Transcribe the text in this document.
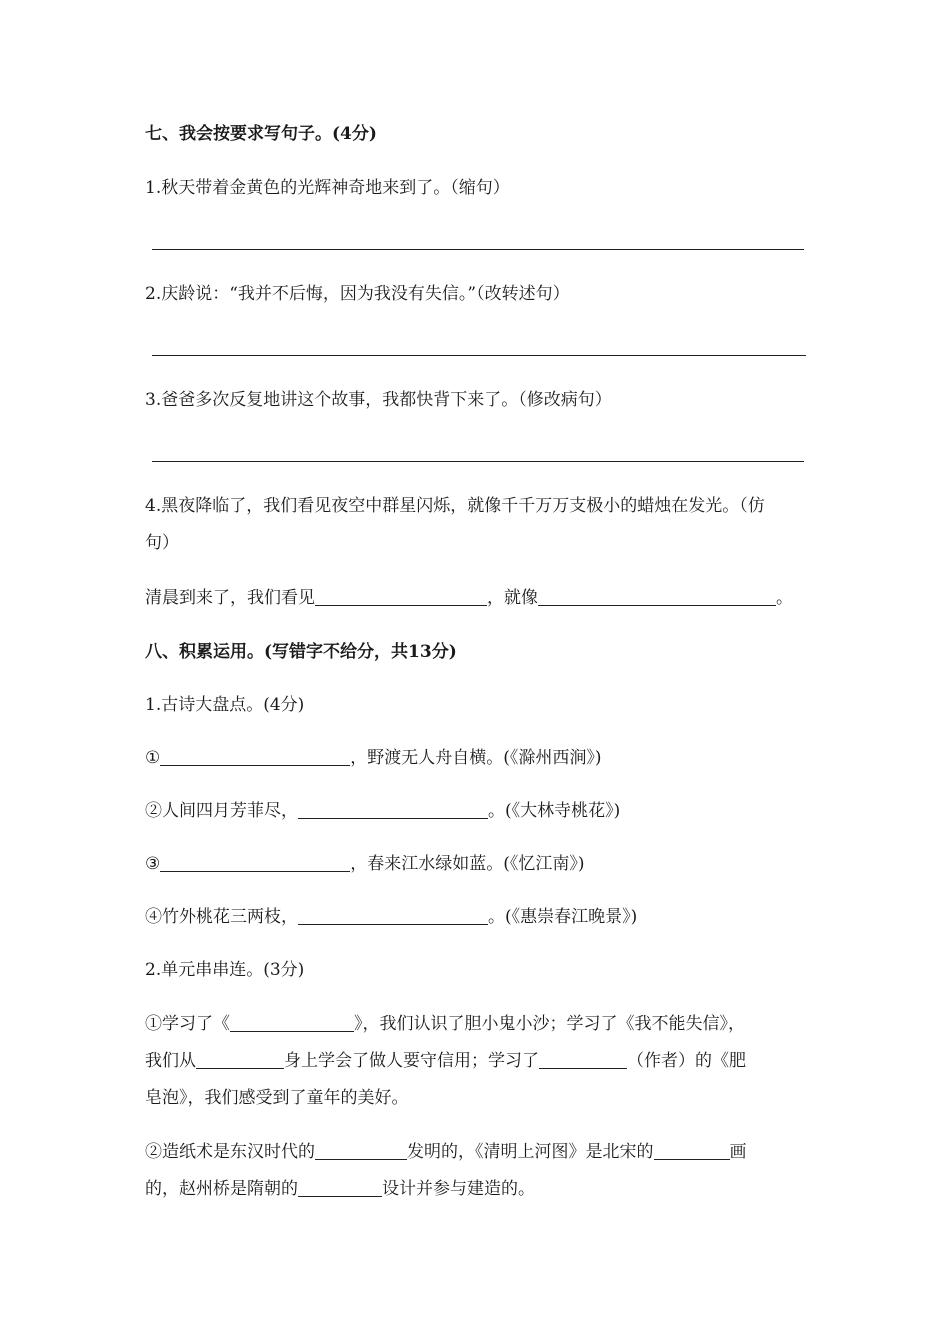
七、我会按要求写句子。(4分)
1.秋天带着金黄色的光辉神奇地来到了。（缩句）
2.庆龄说：“我并不后悔，因为我没有失信。”（改转述句）
3.爸爸多次反复地讲这个故事，我都快背下来了。（修改病句）
4.黑夜降临了，我们看见夜空中群星闪烁，就像千千万万支极小的蜡烛在发光。（仿
句）
清晨到来了，我们看见	，就像	。
八、积累运用。(写错字不给分，共13分)
1.古诗大盘点。(4分)
①	，野渡无人舟自横。(《滁州西涧》)
②人间四月芳菲尽，	。(《大林寺桃花》)
③	，春来江水绿如蓝。(《忆江南》)
④竹外桃花三两枝，	。(《惠崇春江晚景》)
2.单元串串连。(3分)
①学习了《	》，我们认识了胆小鬼小沙；学习了《我不能失信》，
我们从	身上学会了做人要守信用；学习了	（作者）的《肥
皂泡》，我们感受到了童年的美好。
②造纸术是东汉时代的	发明的，《清明上河图》是北宋的	画
的，赵州桥是隋朝的	设计并参与建造的。
